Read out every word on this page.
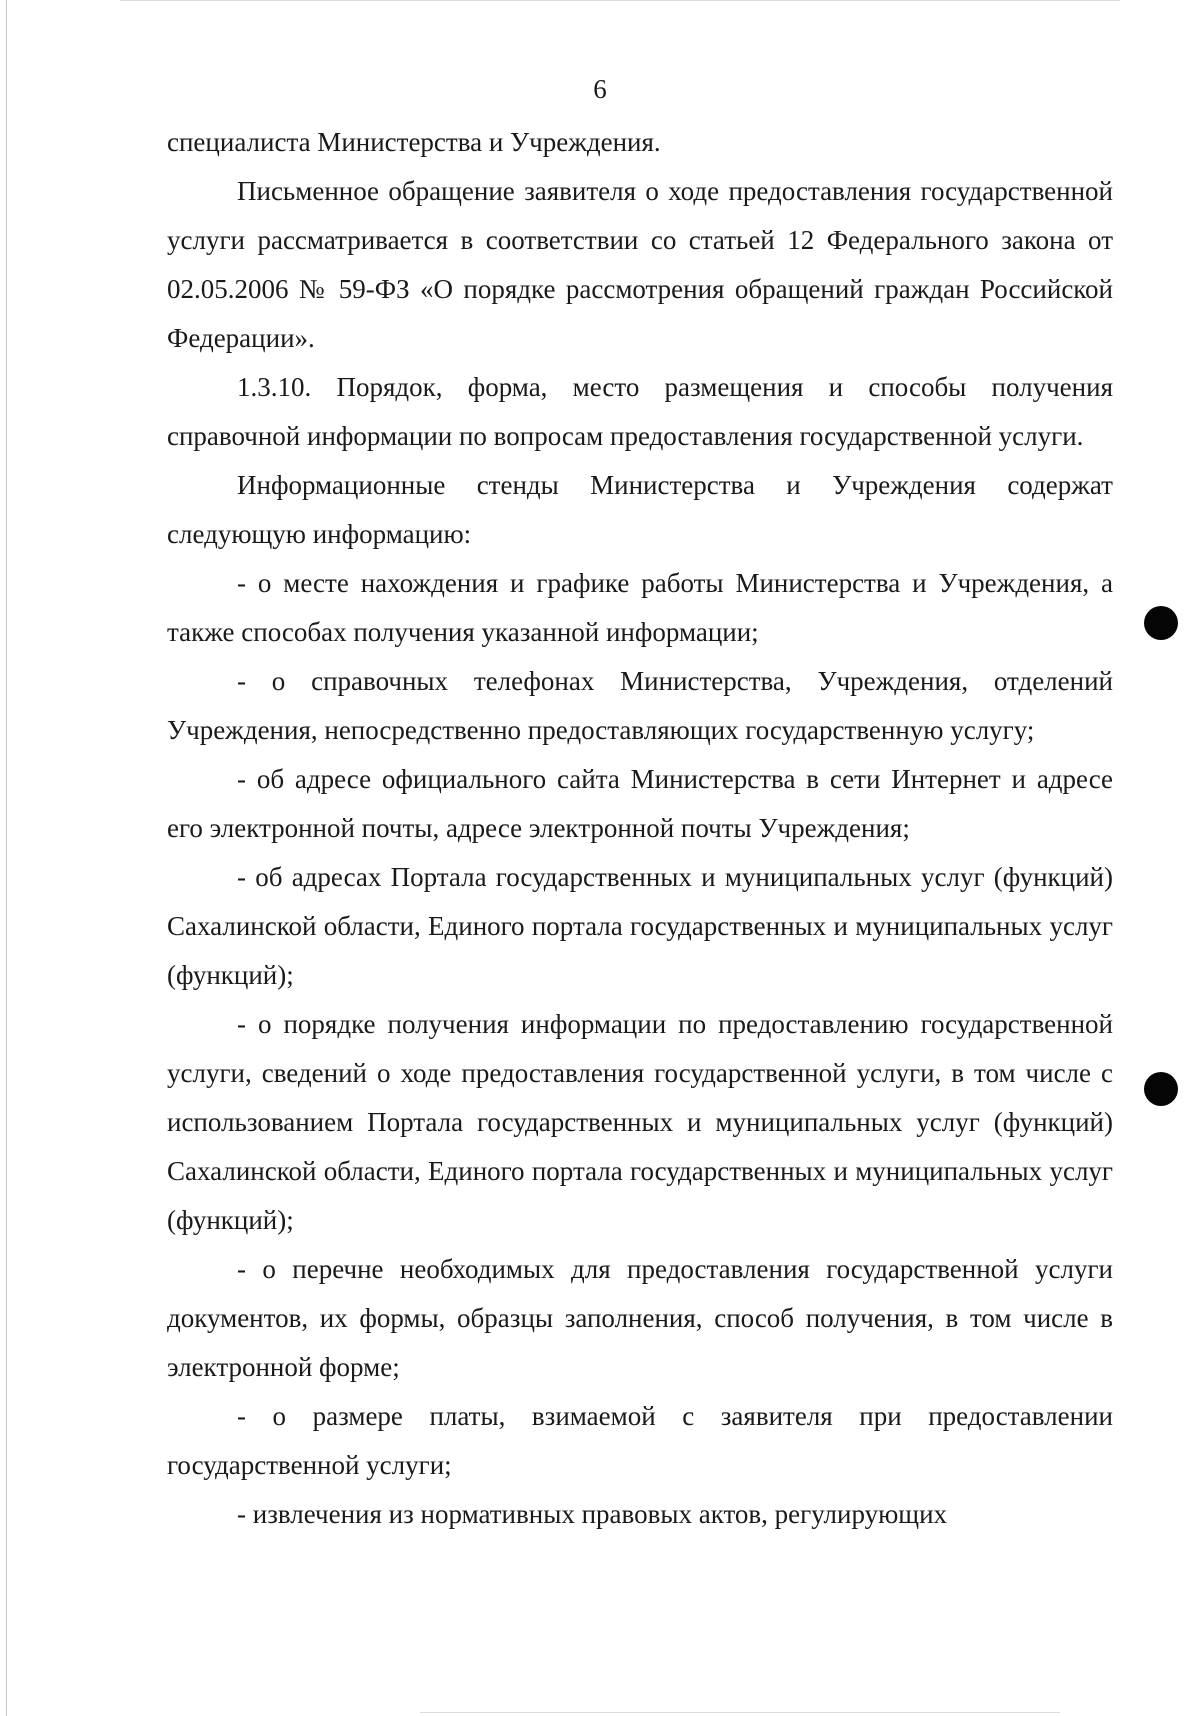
6

специалиста Министерства и Учреждения.

Письменное обращение заявителя о ходе предоставления государственной услуги рассматривается в соответствии со статьей 12 Федерального закона от 02.05.2006 № 59-ФЗ «О порядке рассмотрения обращений граждан Российской Федерации».

1.3.10. Порядок, форма, место размещения и способы получения справочной информации по вопросам предоставления государственной услуги.

Информационные стенды Министерства и Учреждения содержат следующую информацию:

- о месте нахождения и графике работы Министерства и Учреждения, а также способах получения указанной информации;

- о справочных телефонах Министерства, Учреждения, отделений Учреждения, непосредственно предоставляющих государственную услугу;

- об адресе официального сайта Министерства в сети Интернет и адресе его электронной почты, адресе электронной почты Учреждения;

- об адресах Портала государственных и муниципальных услуг (функций) Сахалинской области, Единого портала государственных и муниципальных услуг (функций);

- о порядке получения информации по предоставлению государственной услуги, сведений о ходе предоставления государственной услуги, в том числе с использованием Портала государственных и муниципальных услуг (функций) Сахалинской области, Единого портала государственных и муниципальных услуг (функций);

- о перечне необходимых для предоставления государственной услуги документов, их формы, образцы заполнения, способ получения, в том числе в электронной форме;

- о размере платы, взимаемой с заявителя при предоставлении государственной услуги;

- извлечения из нормативных правовых актов, регулирующих
